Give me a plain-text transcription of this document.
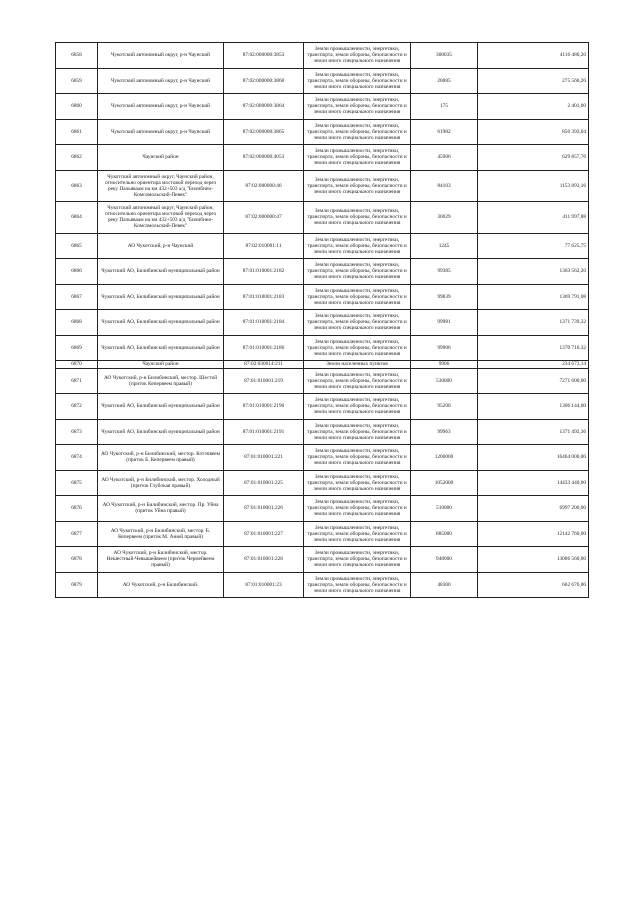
6858	Чукотский автономный округ, р-н Чаунский	87:02:000000:3853	Земли промышленности, энергетики, транспорта, земли обороны, безопасности и земли иного специального назначения	300035	4116 480,20
6859	Чукотский автономный округ, р-н Чаунский	87:02:000000:3860	Земли промышленности, энергетики, транспорта, земли обороны, безопасности и земли иного специального назначения	20085	275 566,20
6860	Чукотский автономный округ, р-н Чаунский	87:02:000000:3864	Земли промышленности, энергетики, транспорта, земли обороны, безопасности и земли иного специального назначения	175	2 401,00
6861	Чукотский автономный округ, р-н Чаунский	87:02:000000:3865	Земли промышленности, энергетики, транспорта, земли обороны, безопасности и земли иного специального назначения	61982	850 393,04
6862	Чаунский район	87:02:000000:4053	Земли промышленности, энергетики, транспорта, земли обороны, безопасности и земли иного специального назначения	45906	629 857,76
6863	Чукотский автономный округ, Чаунский район, относительно ориентира мостовой переход через реку Пальяваам на км 432+503 а/д "Билибино-Комсомольский-Певек"	87:02:000000:46	Земли промышленности, энергетики, транспорта, земли обороны, безопасности и земли иного специального назначения	84103	1153 893,16
6864	Чукотский автономный округ, Чаунский район, относительно ориентира мостовой переход через реку Пальяваам на км 432+503 а/д "Билибино-Комсомольский-Певек"	87:02:000000:47	Земли промышленности, энергетики, транспорта, земли обороны, безопасности и земли иного специального назначения	30029	411 997,88
6865	АО Чукотский, р-н Чаунский	87:02:010001:11	Земли промышленности, энергетики, транспорта, земли обороны, безопасности и земли иного специального назначения	1245	77 625,75
6866	Чукотский АО, Билибинский муниципальный район	87:01:010001:2182	Земли промышленности, энергетики, транспорта, земли обороны, безопасности и земли иного специального назначения	99385	1363 562,20
6867	Чукотский АО, Билибинский муниципальный район	87:01:010001:2183	Земли промышленности, энергетики, транспорта, земли обороны, безопасности и земли иного специального назначения	99839	1369 791,08
6868	Чукотский АО, Билибинский муниципальный район	87:01:010001:2184	Земли промышленности, энергетики, транспорта, земли обороны, безопасности и земли иного специального назначения	99981	1371 739,32
6869	Чукотский АО, Билибинский муниципальный район	87:01:010001:2186	Земли промышленности, энергетики, транспорта, земли обороны, безопасности и земли иного специального назначения	99906	1370 710,32
6870	Чаунский район	87:02:030014:211	Земли населенных пунктов	9906	234 673,14
6871	АО Чукотский, р-н Билибинский, местор. Шестой (приток Кепервеем правый)	87:01:010001:219	Земли промышленности, энергетики, транспорта, земли обороны, безопасности и земли иного специального назначения	530000	7271 600,00
6872	Чукотский АО, Билибинский муниципальный район	87:01:010001:2190	Земли промышленности, энергетики, транспорта, земли обороны, безопасности и земли иного специального назначения	95200	1306 144,00
6873	Чукотский АО, Билибинский муниципальный район	87:01:010001:2191	Земли промышленности, энергетики, транспорта, земли обороны, безопасности и земли иного специального назначения	99963	1371 492,36
6874	АО Чукотский, р-н Билибинский, местор. Кэтэпвеем (приток Б. Кепервеем правый)	87:01:010001:221	Земли промышленности, энергетики, транспорта, земли обороны, безопасности и земли иного специального назначения	1200000	16464 000,00
6875	АО Чукотский, р-н Билибинский, местор. Холодный (приток Глубокая правый)	87:01:010001:225	Земли промышленности, энергетики, транспорта, земли обороны, безопасности и земли иного специального назначения	1052000	14433 440,00
6876	АО Чукотский, р-н Билибинский, местор. Пр. Уйна (приток Уйна правый)	87:01:010001:226	Земли промышленности, энергетики, транспорта, земли обороны, безопасности и земли иного специального назначения	510000	6997 200,00
6877	АО Чукотский, р-н Билибинский, местор. Б. Кепервеем (приток М. Анюй правый)	87:01:010001:227	Земли промышленности, энергетики, транспорта, земли обороны, безопасности и земли иного специального назначения	885000	12142 760,00
6878	АО Чукотский, р-н Билибинский, местор. Нешестный-Чевышейвеем (приток Чермейвеем правый)	87:01:010001:228	Земли промышленности, энергетики, транспорта, земли обороны, безопасности и земли иного специального назначения	948000	13006 560,00
6879	АО Чукотский, р-н Билибинский.	87:01:010001:23	Земли промышленности, энергетики, транспорта, земли обороны, безопасности и земли иного специального назначения	48300	662 676,00
